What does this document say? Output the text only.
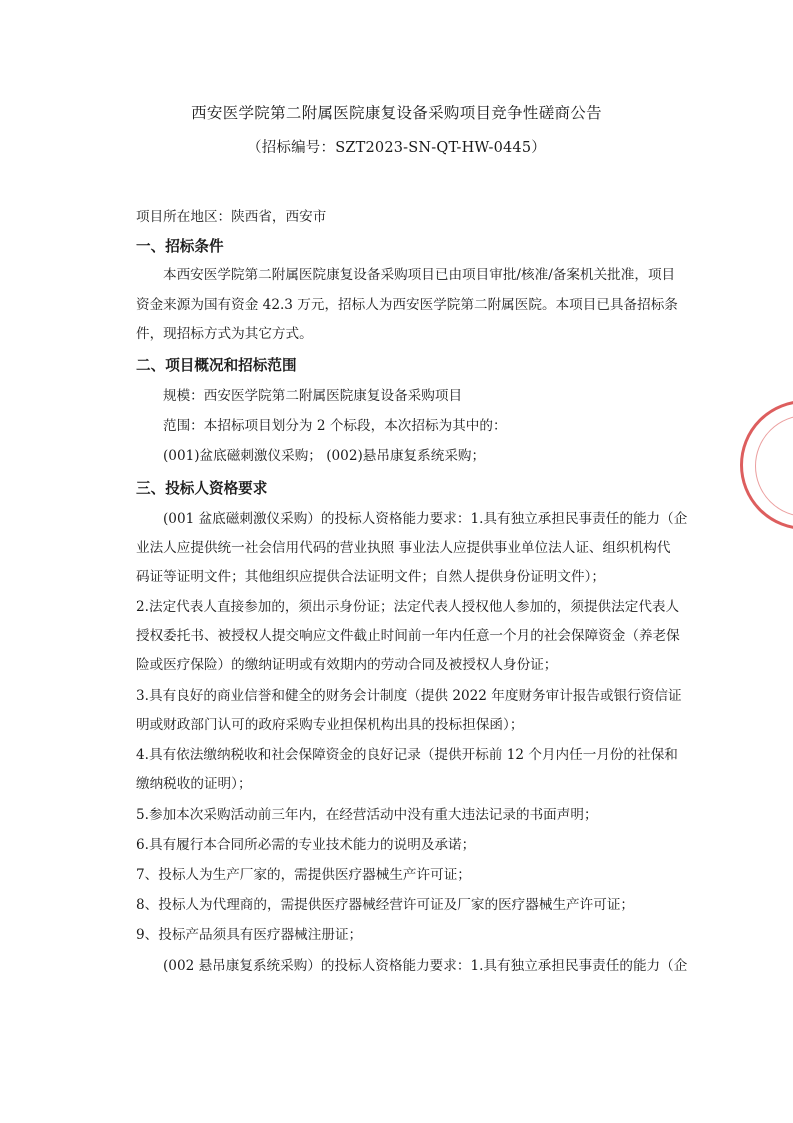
西安医学院第二附属医院康复设备采购项目竞争性磋商公告
（招标编号：SZT2023-SN-QT-HW-0445）
项目所在地区：陕西省，西安市
一、招标条件
本西安医学院第二附属医院康复设备采购项目已由项目审批/核准/备案机关批准，项目
资金来源为国有资金 42.3 万元，招标人为西安医学院第二附属医院。本项目已具备招标条
件，现招标方式为其它方式。
二、项目概况和招标范围
规模：西安医学院第二附属医院康复设备采购项目
范围：本招标项目划分为 2 个标段，本次招标为其中的：
(001)盆底磁刺激仪采购； (002)悬吊康复系统采购；
三、投标人资格要求
(001 盆底磁刺激仪采购）的投标人资格能力要求：1.具有独立承担民事责任的能力（企
业法人应提供统一社会信用代码的营业执照 事业法人应提供事业单位法人证、组织机构代
码证等证明文件；其他组织应提供合法证明文件；自然人提供身份证明文件）；
2.法定代表人直接参加的，须出示身份证；法定代表人授权他人参加的，须提供法定代表人
授权委托书、被授权人提交响应文件截止时间前一年内任意一个月的社会保障资金（养老保
险或医疗保险）的缴纳证明或有效期内的劳动合同及被授权人身份证；
3.具有良好的商业信誉和健全的财务会计制度（提供 2022 年度财务审计报告或银行资信证
明或财政部门认可的政府采购专业担保机构出具的投标担保函）；
4.具有依法缴纳税收和社会保障资金的良好记录（提供开标前 12 个月内任一月份的社保和
缴纳税收的证明）；
5.参加本次采购活动前三年内，在经营活动中没有重大违法记录的书面声明；
6.具有履行本合同所必需的专业技术能力的说明及承诺；
7、投标人为生产厂家的，需提供医疗器械生产许可证；
8、投标人为代理商的，需提供医疗器械经营许可证及厂家的医疗器械生产许可证；
9、投标产品须具有医疗器械注册证；
(002 悬吊康复系统采购）的投标人资格能力要求：1.具有独立承担民事责任的能力（企
